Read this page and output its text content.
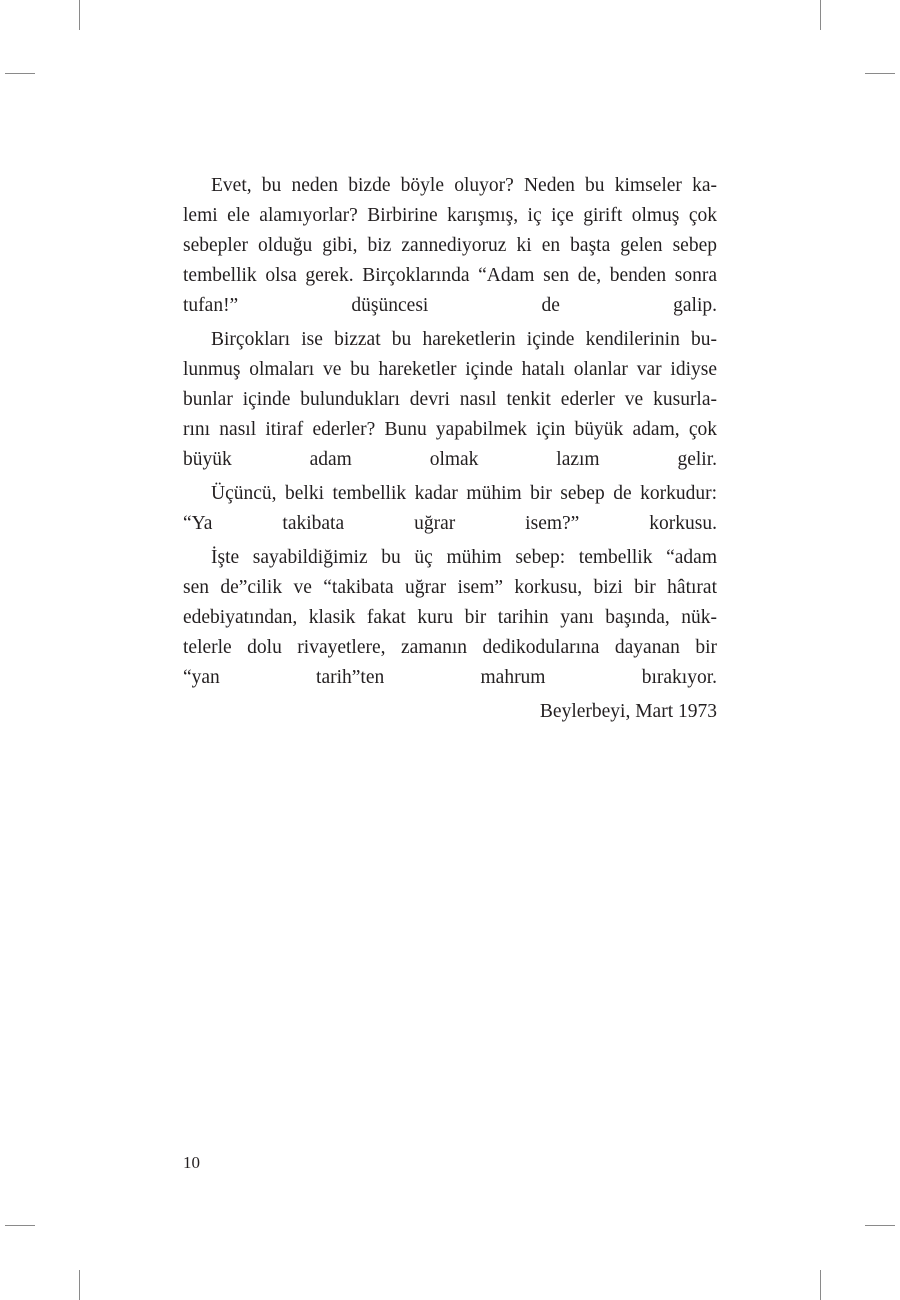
Evet, bu neden bizde böyle oluyor? Neden bu kimseler ka-
lemi ele alamıyorlar? Birbirine karışmış, iç içe girift olmuş çok
sebepler olduğu gibi, biz zannediyoruz ki en başta gelen sebep
tembellik olsa gerek. Birçoklarında “Adam sen de, benden sonra
tufan!” düşüncesi de galip.

Birçokları ise bizzat bu hareketlerin içinde kendilerinin bu-
lunmuş olmaları ve bu hareketler içinde hatalı olanlar var idiyse
bunlar içinde bulundukları devri nasıl tenkit ederler ve kusurla-
rını nasıl itiraf ederler? Bunu yapabilmek için büyük adam, çok
büyük adam olmak lazım gelir.

Üçüncü, belki tembellik kadar mühim bir sebep de korkudur:
“Ya takibata uğrar isem?” korkusu.

İşte sayabildiğimiz bu üç mühim sebep: tembellik “adam
sen de”cilik ve “takibata uğrar isem” korkusu, bizi bir hâtırat
edebiyatından, klasik fakat kuru bir tarihin yanı başında, nük-
telerle dolu rivayetlere, zamanın dedikodularına dayanan bir
“yan tarih”ten mahrum bırakıyor.

Beylerbeyi, Mart 1973

10
